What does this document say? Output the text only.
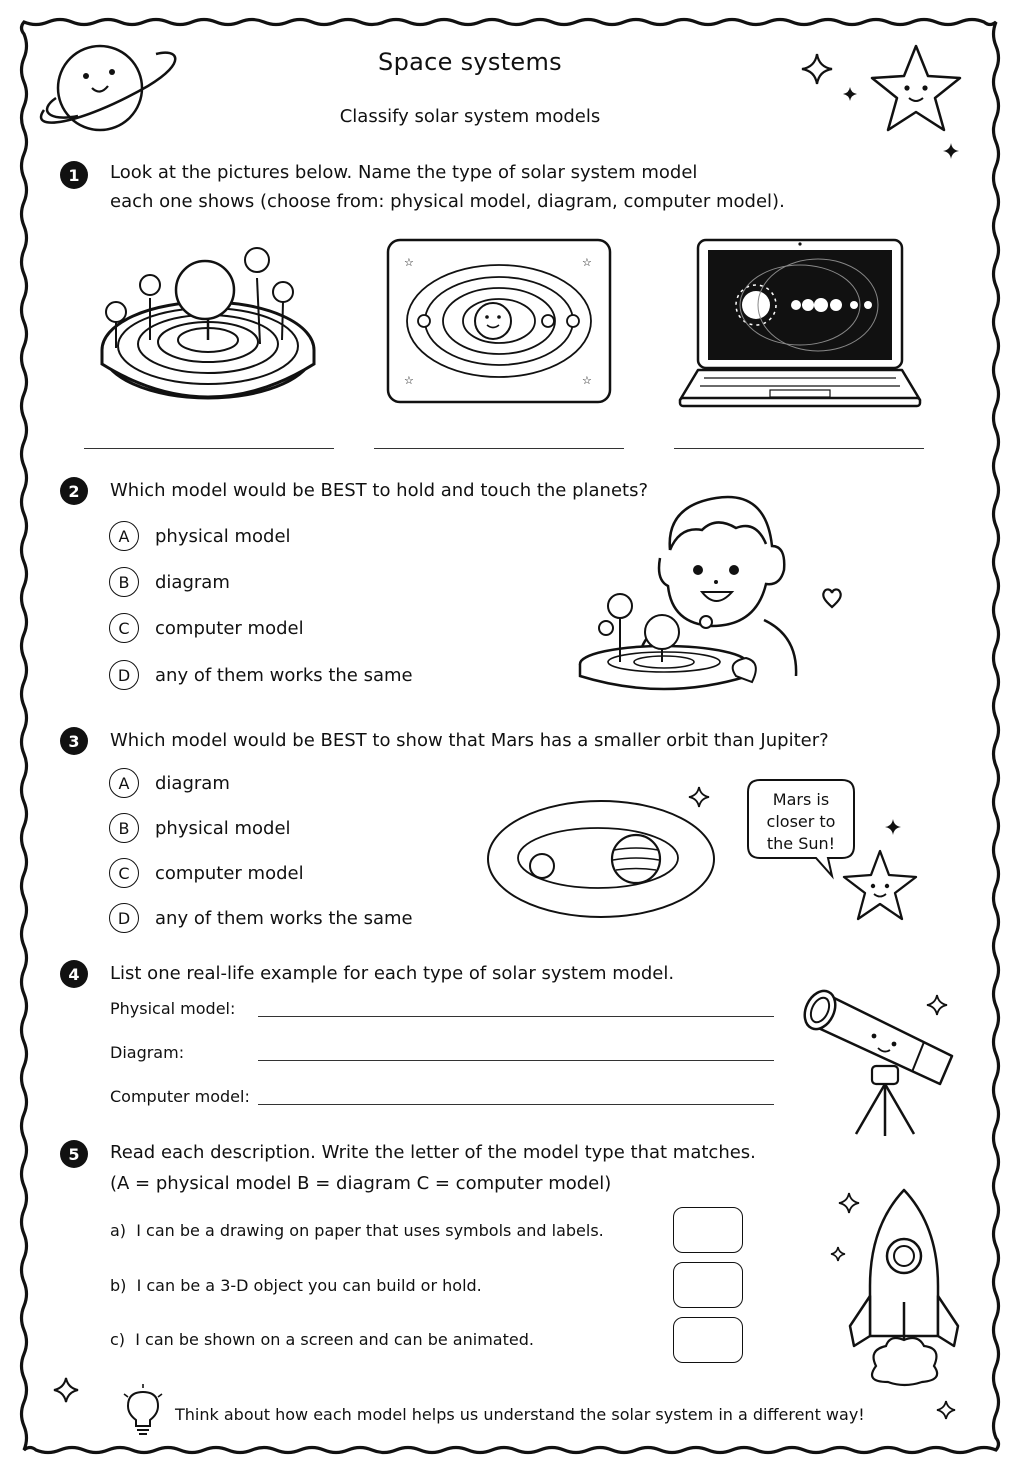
Space systems
Classify solar system models
1	Look at the pictures below. Name the type of solar system model
each one shows (choose from: physical model, diagram, computer model).
☆	☆
☆	☆
2	Which model would be BEST to hold and touch the planets?
A	physical model
B	diagram
C	computer model
D	any of them works the same
3	Which model would be BEST to show that Mars has a smaller orbit than Jupiter?
A	diagram
B	physical model
C	computer model
D	any of them works the same
Mars is
closer to
the Sun!
4	List one real-life example for each type of solar system model.
Physical model:
Diagram:
Computer model:
5	Read each description. Write the letter of the model type that matches.
(A = physical model B = diagram C = computer model)
a) I can be a drawing on paper that uses symbols and labels.
b) I can be a 3-D object you can build or hold.
c) I can be shown on a screen and can be animated.
Think about how each model helps us understand the solar system in a different way!
